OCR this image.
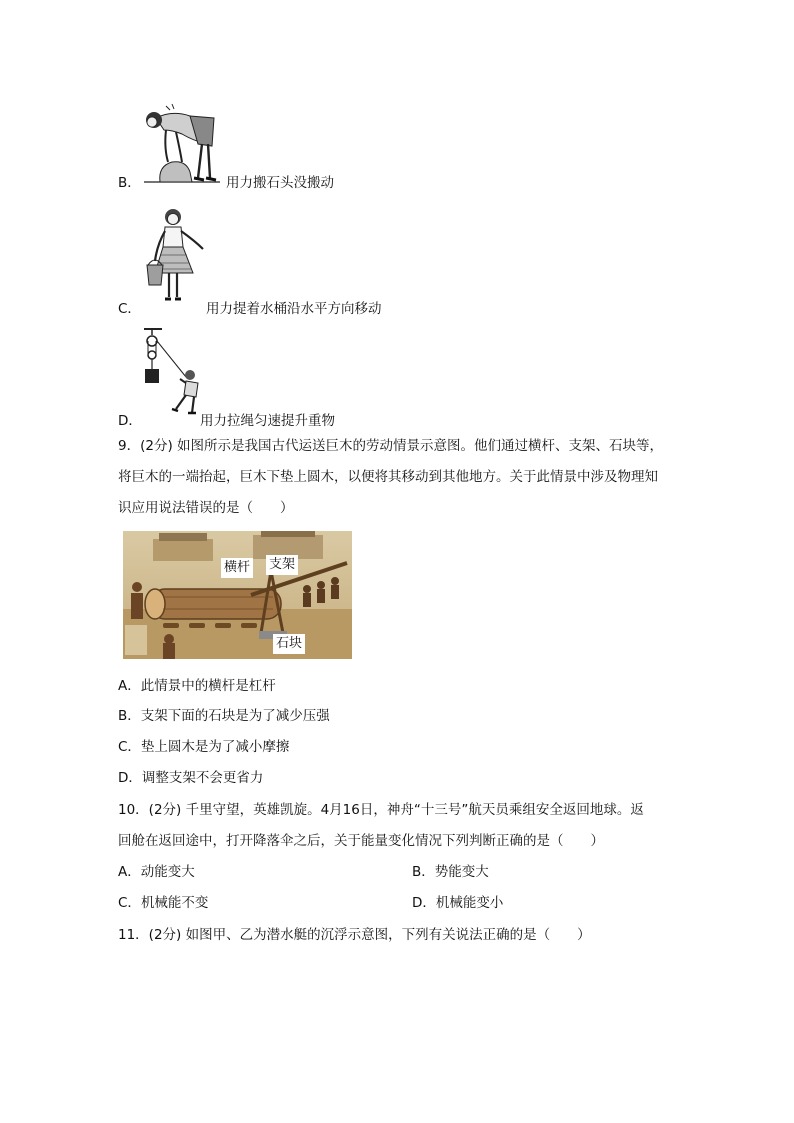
B．	用力搬石头没搬动
C．	用力提着水桶沿水平方向移动
D．	用力拉绳匀速提升重物
9．(2分) 如图所示是我国古代运送巨木的劳动情景示意图。他们通过横杆、支架、石块等，
将巨木的一端抬起，巨木下垫上圆木，以便将其移动到其他地方。关于此情景中涉及物理知
识应用说法错误的是（　　）
横杆 支架
石块
A．此情景中的横杆是杠杆
B．支架下面的石块是为了减少压强
C．垫上圆木是为了减小摩擦
D．调整支架不会更省力
10．(2分) 千里守望，英雄凯旋。4月16日，神舟“十三号”航天员乘组安全返回地球。返
回舱在返回途中，打开降落伞之后，关于能量变化情况下列判断正确的是（　　）
A．动能变大	B．势能变大
C．机械能不变	D．机械能变小
11．(2分) 如图甲、乙为潜水艇的沉浮示意图，下列有关说法正确的是（　　）
